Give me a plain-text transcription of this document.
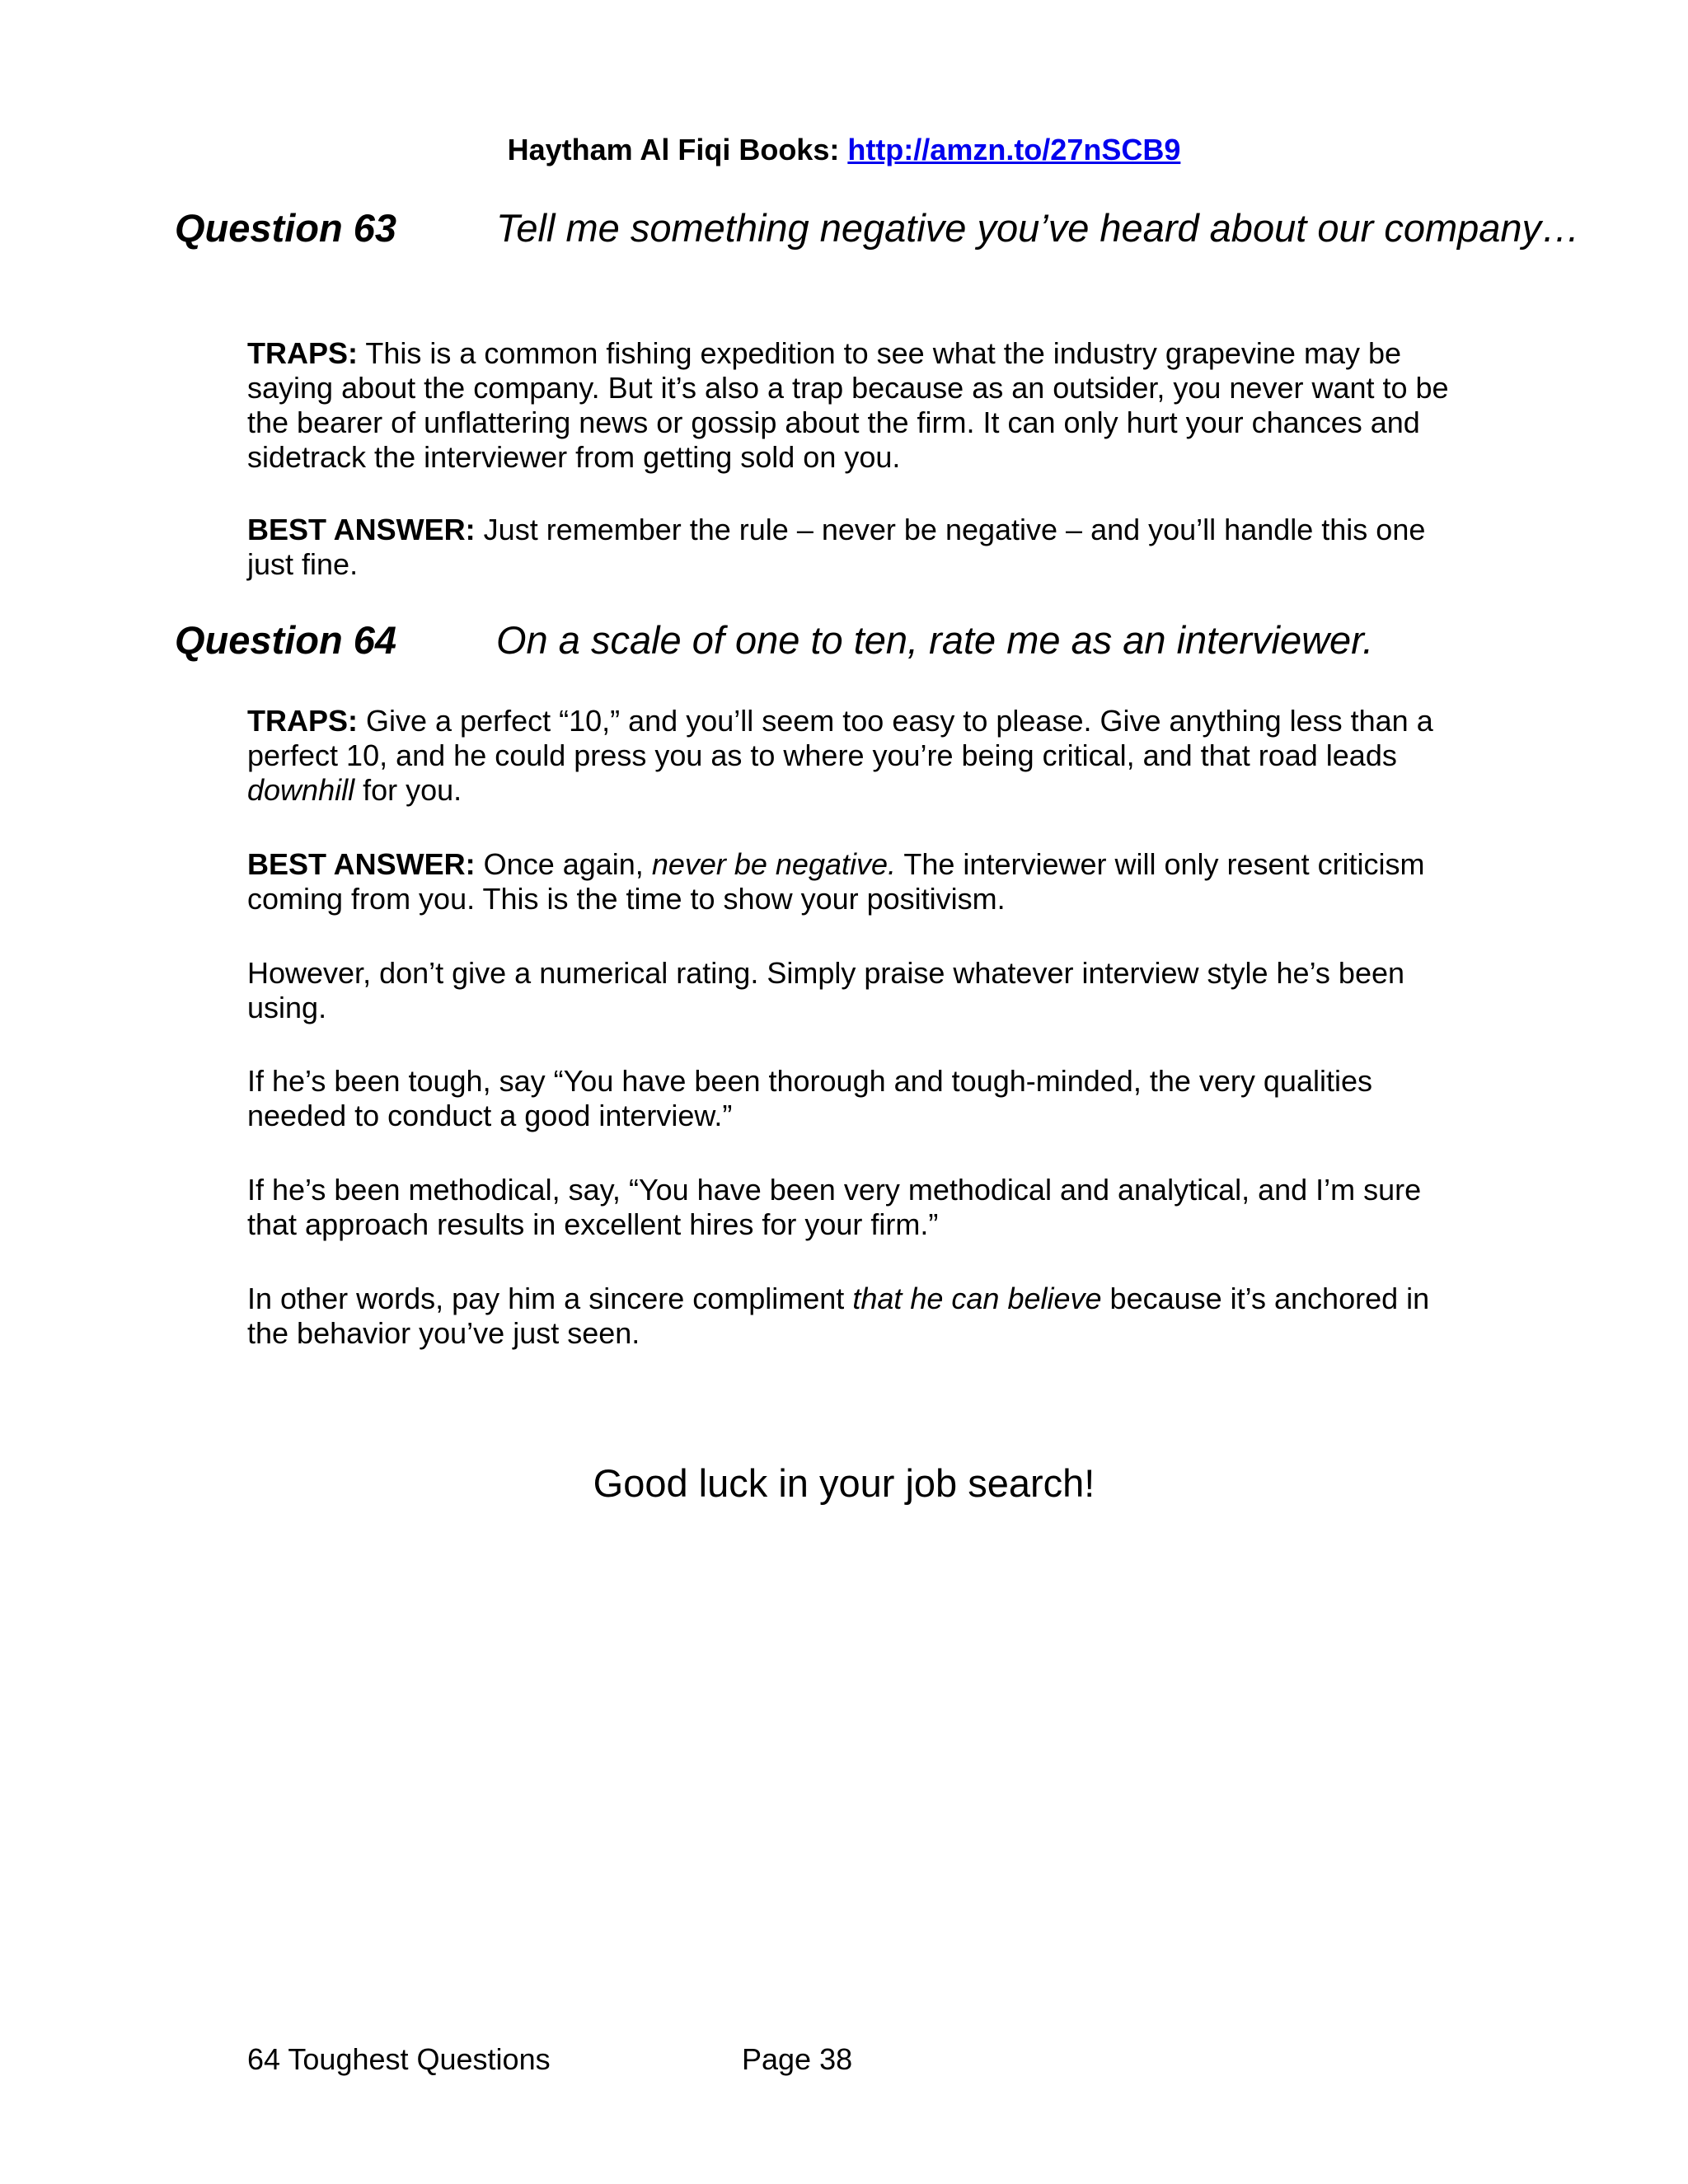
Haytham Al Fiqi Books: http://amzn.to/27nSCB9
Question 63	Tell me something negative you’ve heard about our company…
TRAPS: This is a common fishing expedition to see what the industry grapevine may be saying about the company. But it’s also a trap because as an outsider, you never want to be the bearer of unflattering news or gossip about the firm. It can only hurt your chances and sidetrack the interviewer from getting sold on you.
BEST ANSWER: Just remember the rule – never be negative – and you’ll handle this one just fine.
Question 64	On a scale of one to ten, rate me as an interviewer.
TRAPS: Give a perfect “10,” and you’ll seem too easy to please. Give anything less than a perfect 10, and he could press you as to where you’re being critical, and that road leads downhill for you.
BEST ANSWER: Once again, never be negative. The interviewer will only resent criticism coming from you. This is the time to show your positivism.
However, don’t give a numerical rating. Simply praise whatever interview style he’s been using.
If he’s been tough, say “You have been thorough and tough-minded, the very qualities needed to conduct a good interview.”
If he’s been methodical, say, “You have been very methodical and analytical, and I’m sure that approach results in excellent hires for your firm.”
In other words, pay him a sincere compliment that he can believe because it’s anchored in the behavior you’ve just seen.
Good luck in your job search!
64 Toughest Questions	Page 38
